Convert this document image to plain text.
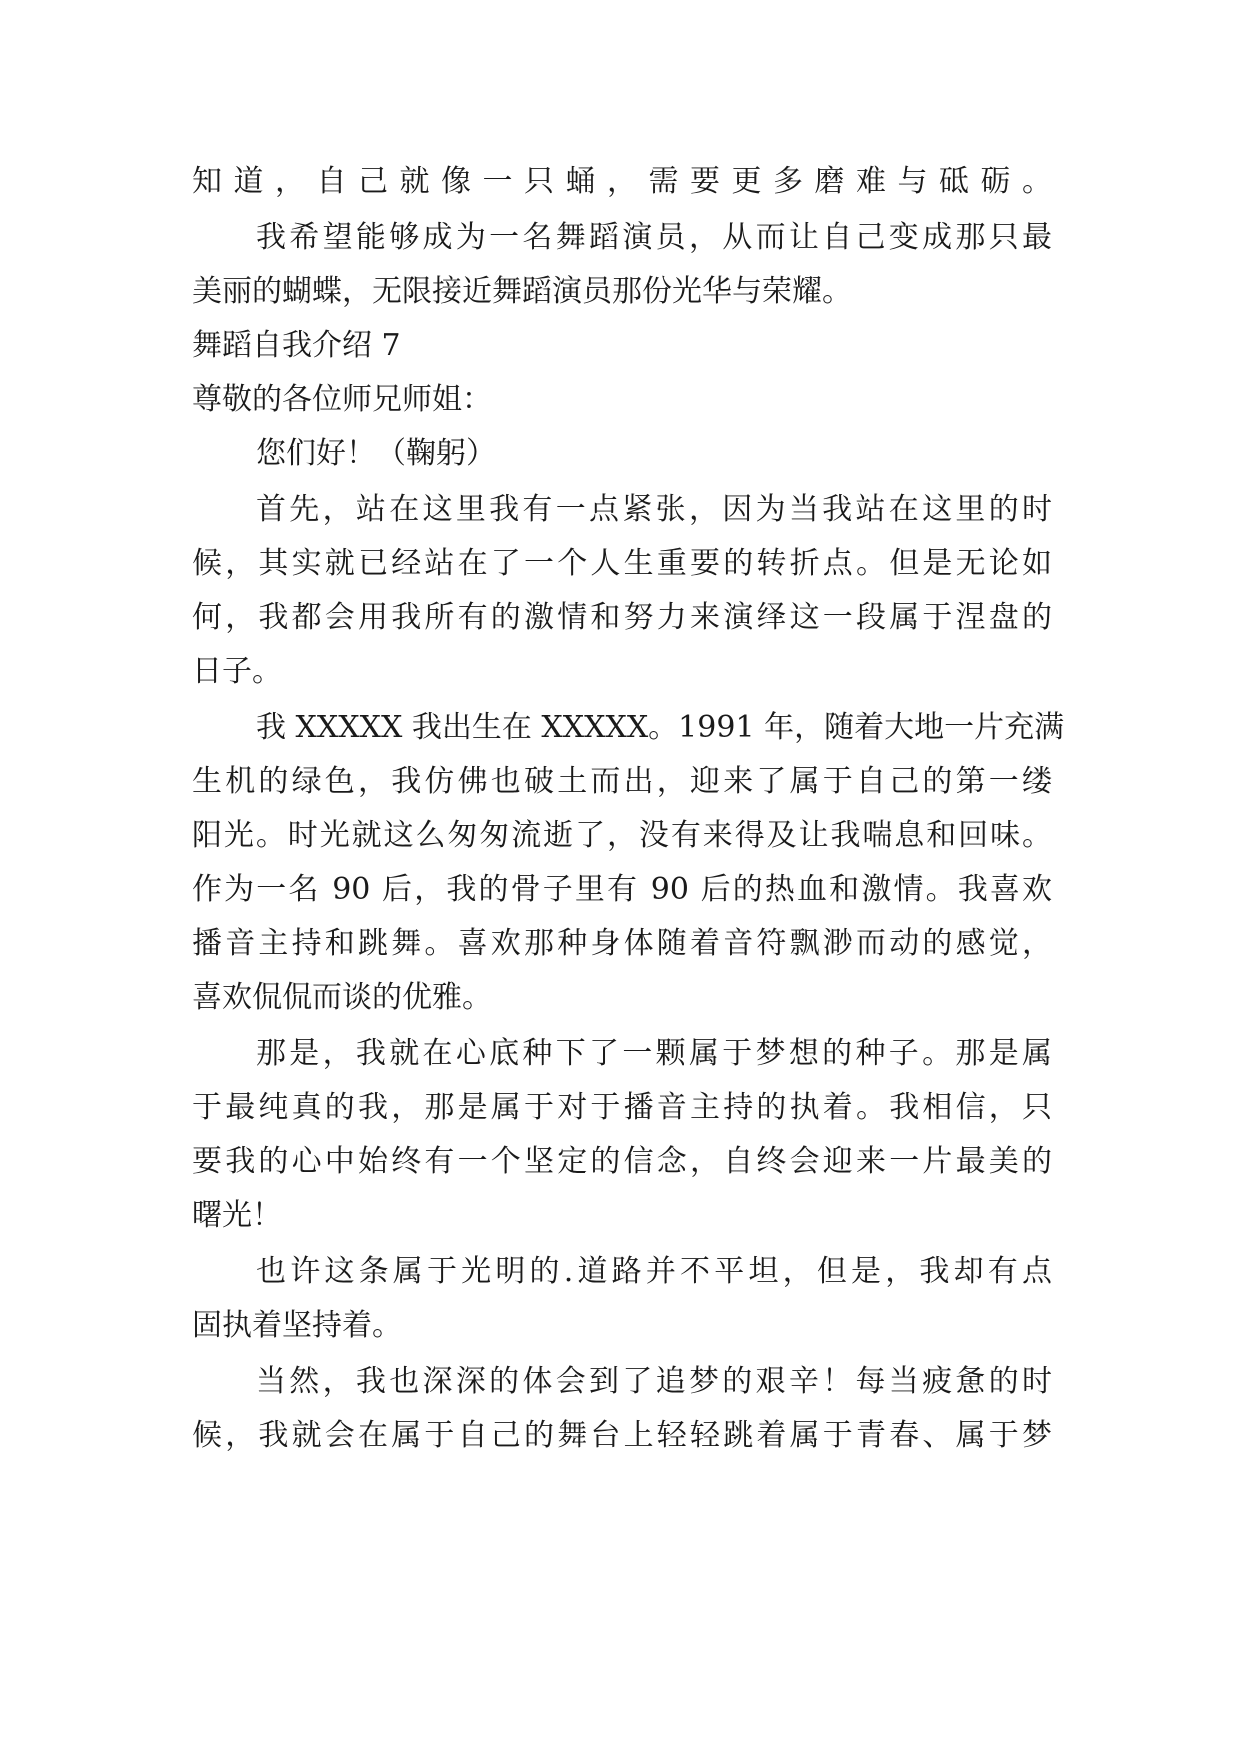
知道，自己就像一只蛹，需要更多磨难与砥砺。
我希望能够成为一名舞蹈演员，从而让自己变成那只最
美丽的蝴蝶，无限接近舞蹈演员那份光华与荣耀。
舞蹈自我介绍 7
尊敬的各位师兄师姐：
您们好！（鞠躬）
首先，站在这里我有一点紧张，因为当我站在这里的时
候，其实就已经站在了一个人生重要的转折点。但是无论如
何，我都会用我所有的激情和努力来演绎这一段属于涅盘的
日子。
我 XXXXX 我出生在 XXXXX。1991 年，随着大地一片充满
生机的绿色，我仿佛也破土而出，迎来了属于自己的第一缕
阳光。时光就这么匆匆流逝了，没有来得及让我喘息和回味。
作为一名 90 后，我的骨子里有 90 后的热血和激情。我喜欢
播音主持和跳舞。喜欢那种身体随着音符飘渺而动的感觉，
喜欢侃侃而谈的优雅。
那是，我就在心底种下了一颗属于梦想的种子。那是属
于最纯真的我，那是属于对于播音主持的执着。我相信，只
要我的心中始终有一个坚定的信念，自终会迎来一片最美的
曙光！
也许这条属于光明的.道路并不平坦，但是，我却有点
固执着坚持着。
当然，我也深深的体会到了追梦的艰辛！每当疲惫的时
候，我就会在属于自己的舞台上轻轻跳着属于青春、属于梦
